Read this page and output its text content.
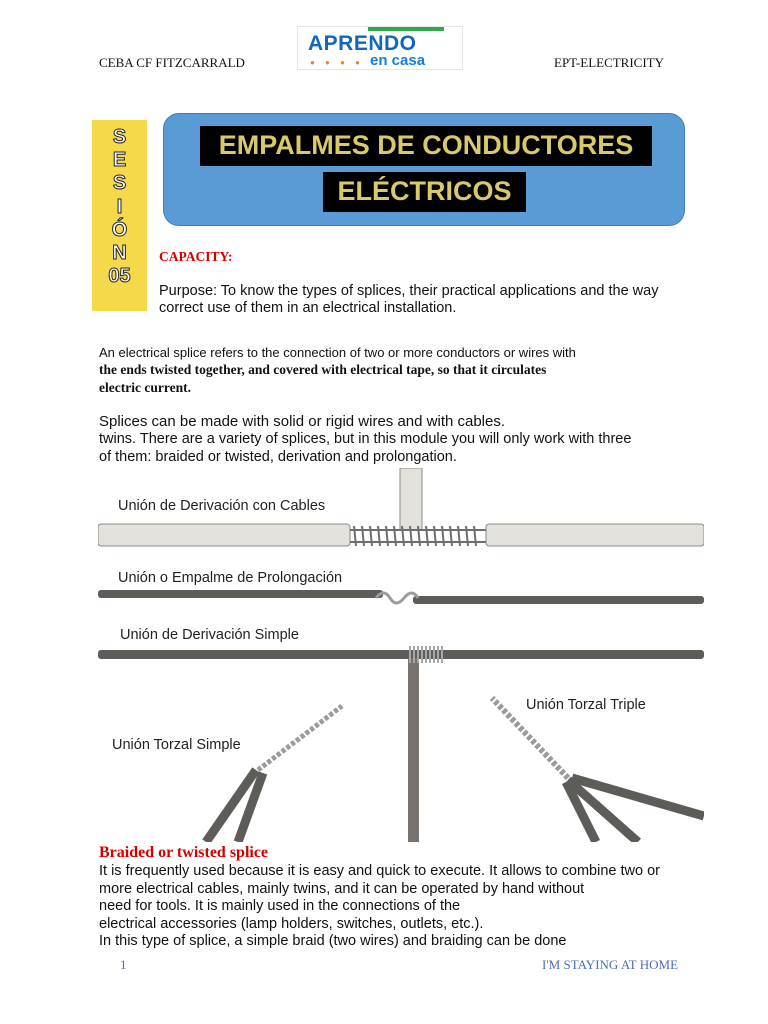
CEBA CF FITZCARRALD
APRENDO
● ● ● ● en casa	EPT-ELECTRICITY
S
E
S
I
Ó
N
05
EMPALMES DE CONDUCTORES
ELÉCTRICOS
CAPACITY:
Purpose: To know the types of splices, their practical applications and the way
correct use of them in an electrical installation.
An electrical splice refers to the connection of two or more conductors or wires with
the ends twisted together, and covered with electrical tape, so that it circulates
electric current.
Splices can be made with solid or rigid wires and with cables.
twins. There are a variety of splices, but in this module you will only work with three
of them: braided or twisted, derivation and prolongation.
Unión de Derivación con Cables
Unión o Empalme de Prolongación
Unión de Derivación Simple
Unión Torzal Simple
Unión Torzal Triple
Braided or twisted splice
It is frequently used because it is easy and quick to execute. It allows to combine two or
more electrical cables, mainly twins, and it can be operated by hand without
need for tools. It is mainly used in the connections of the
electrical accessories (lamp holders, switches, outlets, etc.).
In this type of splice, a simple braid (two wires) and braiding can be done
1	I'M STAYING AT HOME
